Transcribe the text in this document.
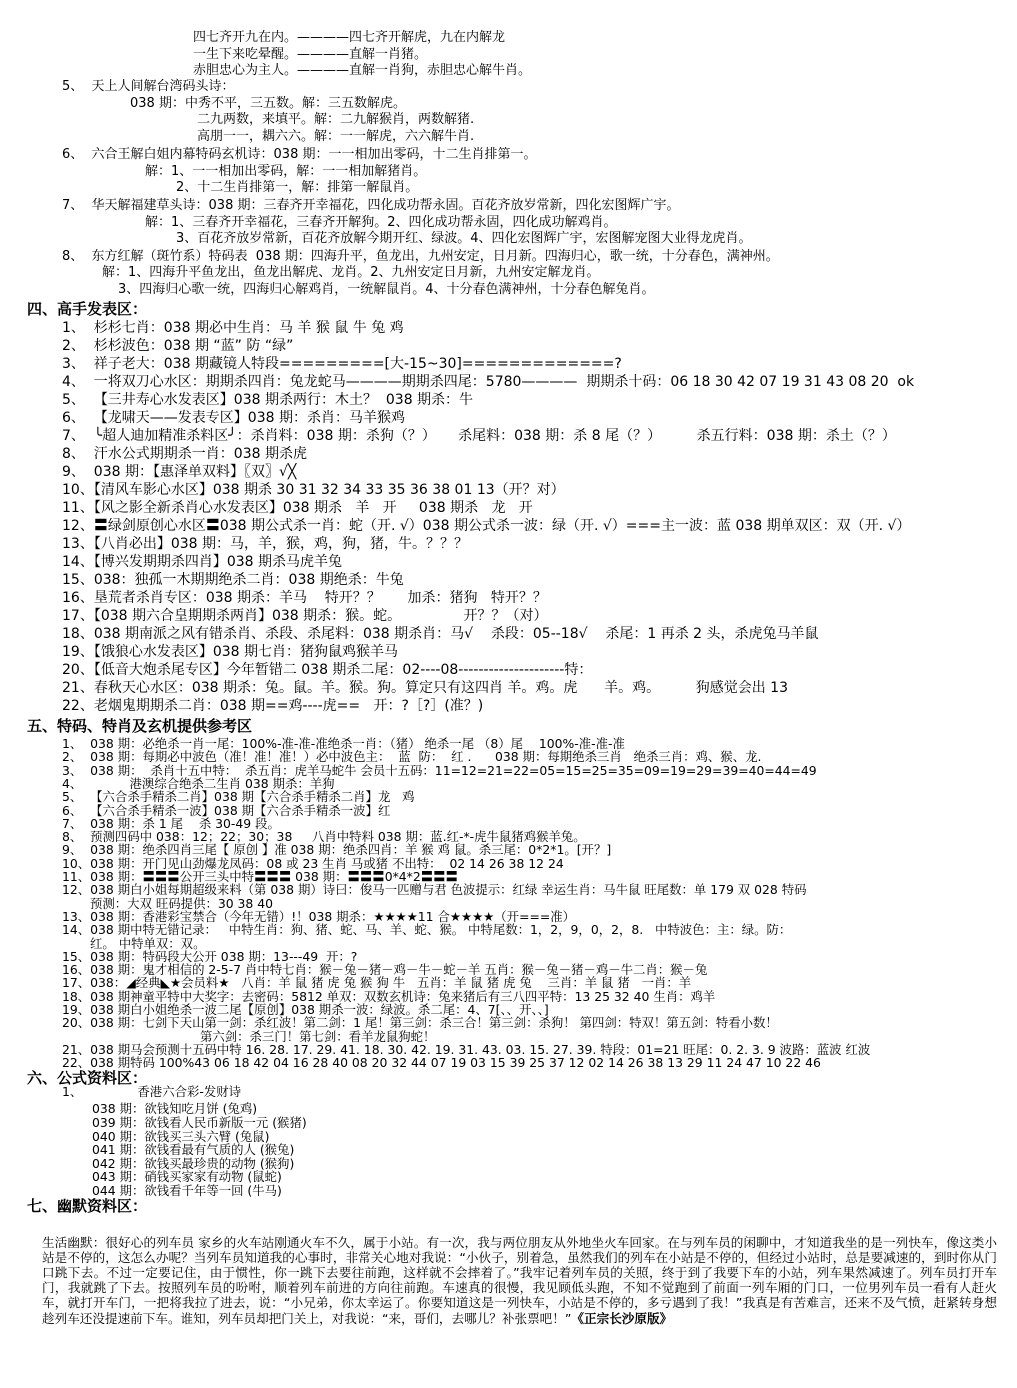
四七齐开九在内。————四七齐开解虎，九在内解龙
一生下来吃晕醒。————直解一肖猪。
赤胆忠心为主人。————直解一肖狗，赤胆忠心解牛肖。
5、  天上人间解台湾码头诗：
038 期：中秀不平，三五数。解：三五数解虎。
二九两数，来填平。解：二九解猴肖，两数解猪.
高朋一一，耦六六。解：一一解虎，六六解牛肖.
6、  六合王解白姐内幕特码玄机诗：038 期：一一相加出零码，十二生肖排第一。
解：1、一一相加出零码，解：一一相加解猪肖。
2、十二生肖排第一，解：排第一解鼠肖。
7、  华天解福建草头诗：038 期：三春齐开幸福花，四化成功帮永固。百花齐放岁常新，四化宏图辉广宇。
解：1、三春齐开幸福花，三春齐开解狗。2、四化成功帮永固，四化成功解鸡肖。
3、百花齐放岁常新，百花齐放解今期开红、绿波。4、四化宏图辉广宇，宏图解宠图大业得龙虎肖。
8、  东方红解（斑竹系）特码表  038 期：四海升平，鱼龙出，九州安定，日月新。四海归心，歌一统，十分春色，满神州。
解：1、四海升平鱼龙出，鱼龙出解虎、龙肖。2、九州安定日月新，九州安定解龙肖。
3、四海归心歌一统，四海归心解鸡肖，一统解鼠肖。4、十分春色满神州，十分春色解兔肖。
四、高手发表区：
1、  杉杉七肖：038 期必中生肖：马 羊 猴 鼠 牛 兔 鸡
2、  杉杉波色：038 期 “蓝” 防 “绿”
3、  祥子老大：038 期藏镜人特段=========[大-15~30]=============?
4、  一将双刀心水区：期期杀四肖：兔龙蛇马————期期杀四尾：5780————  期期杀十码：06 18 30 42 07 19 31 43 08 20  ok
5、  【三井寿心水发表区】038 期杀两行：木土？  038 期杀：牛
6、  【龙啸天——发表专区】038 期：杀肖：马羊猴鸡
7、  ╰超人迪加精准杀料区╯：杀肖料：038 期：杀狗（？）     杀尾料：038 期：杀 8 尾（？）        杀五行料：038 期：杀土（？）
8、  汗水公式期期杀一肖：038 期杀虎
9、  038 期：【惠泽单双料】〖双〗√╳
10、【清风车影心水区】038 期杀 30 31 32 34 33 35 36 38 01 13（开？对）
11、【风之影全新杀肖心水发表区】038 期杀   羊   开     038 期杀   龙   开
12、〓绿剑原创心水区〓038 期公式杀一肖：蛇（开. √）038 期公式杀一波：绿（开. √）===主一波：蓝 038 期单双区：双（开. √）
13、【八肖必出】038 期：马，羊，猴，鸡，狗，猪，牛。？？？
14、【博兴发期期杀四肖】038 期杀马虎羊兔
15、038：独孤一木期期绝杀二肖：038 期绝杀：牛兔
16、垦荒者杀肖专区：038 期杀：羊马    特开？？      加杀：猪狗   特开？？
17、【038 期六合皇期期杀两肖】038 期杀：猴。蛇。              开？？（对）
18、038 期南派之风有错杀肖、杀段、杀尾料：038 期杀肖：马√    杀段：05--18√    杀尾：1 再杀 2 头，杀虎兔马羊鼠
19、【饿狼心水发表区】038 期七肖：猪狗鼠鸡猴羊马
20、【低音大炮杀尾专区】今年暂错二 038 期杀二尾：02----08---------------------特：
21、春秋天心水区：038 期杀：兔。鼠。羊。猴。狗。算定只有这四肖 羊。鸡。虎      羊。鸡。        狗感觉会出 13
22、老烟鬼期期杀二肖：038 期==鸡----虎==   开：?［?］(准？)
五、特码、特肖及玄机提供参考区
1、  038 期：必绝杀一肖一尾：100%-准-准-准绝杀一肖：（猪） 绝杀一尾 （8）尾    100%-准-准-准
2、  038 期：每期必中波色（准！准！准！）必中波色主：  蓝  防：  红 .      038 期：每期绝杀三肖   绝杀三肖：鸡、猴、龙.
3、  038 期：  杀肖十五中特：  杀五肖：虎羊马蛇牛 会员十五码：11=12=21=22=05=15=25=35=09=19=29=39=40=44=49
4、            港澳综合绝杀二生肖 038 期杀：羊狗
5、  【六合杀手精杀二肖】038 期【六合杀手精杀二肖】龙   鸡
6、  【六合杀手精杀一波】038 期【六合杀手精杀一波】红
7、  038 期：杀 1 尾    杀 30-49 段。
8、  预测四码中 038：12；22；30；38     八肖中特料 038 期：蓝.红-*-虎牛鼠猪鸡猴羊兔。
9、  038 期：绝杀四肖三尾【 原创 】准 038 期：绝杀四肖：羊 猴 鸡 鼠。杀三尾：0*2*1。[开？]
10、038 期：开门见山劲爆龙凤码：08 或 23 生肖 马或猪 不出特：  02 14 26 38 12 24
11、038 期：〓〓〓公开三头中特〓〓〓 038 期：〓〓〓0*4*2〓〓〓
12、038 期白小姐每期超级来料（第 038 期）诗曰：俊马一匹赠与君 色波提示：红绿 幸运生肖：马牛鼠 旺尾数：单 179 双 028 特码
预测：大双 旺码提供：30 38 40
13、038 期：香港彩宝禁合（今年无错）!！038 期杀：★★★★11 合★★★★（开===准）
14、038 期中特无错记录：   中特生肖：狗、猪、蛇、马、羊、蛇、猴。 中特尾数：1，2，9，0，2，8.   中特波色：主：绿。防：
红。 中特单双：双。
15、038 期：特码段大公开 038 期：13---49  开：?
16、038 期：鬼才相信的 2-5-7 肖中特七肖：猴－兔－猪－鸡－牛－蛇－羊 五肖：猴－兔－猪－鸡－牛二肖：猴－兔
17、038：◢经典◣★会员料★   八肖：羊 鼠 猪 虎 兔 猴 狗 牛   五肖：羊 鼠 猪 虎 兔    三肖：羊 鼠 猪   一肖：羊
18、038 期神童平特中大奖字：去密码：5812 单双：双数玄机诗：兔来猪后有三八四平特：13 25 32 40 生肖：鸡羊
19、038 期白小姐绝杀一波二尾【原创】038 期杀一波：绿波。杀二尾：4、7[、、开、、]
20、038 期：七剑下天山第一剑：杀红波！第二剑：1 尾！第三剑：杀三合！第三剑：杀狗！ 第四剑：特双！第五剑：特看小数！
第六剑：杀三门！第七剑：看羊龙鼠狗蛇！
21、038 期马会预测十五码中特 16. 28. 17. 29. 41. 18. 30. 42. 19. 31. 43. 03. 15. 27. 39. 特段：01=21 旺尾：0. 2. 3. 9 波路：蓝波 红波
22、038 期特码 100%43 06 18 42 04 16 28 40 08 20 32 44 07 19 03 15 39 25 37 12 02 14 26 38 13 29 11 24 47 10 22 46
六、公式资料区：
1、              香港六合彩-发财诗
038 期：欲钱知吃月饼 (兔鸡)
039 期：欲钱看人民币新版一元 (猴猪)
040 期：欲钱买三头六臂 (兔鼠)
041 期：欲钱看最有气质的人 (猴兔)
042 期：欲钱买最珍贵的动物 (猴狗)
043 期：硝钱买家家有动物 (鼠蛇)
044 期：欲钱看千年等一回 (牛马)
七、幽默资料区：
生活幽默：很好心的列车员 家乡的火车站刚通火车不久，属于小站。有一次，我与两位朋友从外地坐火车回家。在与列车员的闲聊中，才知道我坐的是一列快车，像这类小站是不停的，这怎么办呢？当列车员知道我的心事时，非常关心地对我说：“小伙子，别着急，虽然我们的列车在小站是不停的，但经过小站时，总是要减速的，到时你从门口跳下去。不过一定要记住，由于惯性，你一跳下去要往前跑，这样就不会摔着了。”我牢记着列车员的关照，终于到了我要下车的小站，列车果然减速了。列车员打开车门，我就跳了下去。按照列车员的吩咐，顺着列车前进的方向往前跑。车速真的很慢，我见顾低头跑，不知不觉跑到了前面一列车厢的门口，一位男列车员一看有人赶火车，就打开车门，一把将我拉了进去，说：“小兄弟，你太幸运了。你要知道这是一列快车，小站是不停的，多亏遇到了我！”我真是有苦难言，还来不及气愤，赶紧转身想趁列车还没提速前下车。谁知，列车员却把门关上，对我说：“来，哥们，去哪儿？补张票吧！”《正宗长沙原版》
